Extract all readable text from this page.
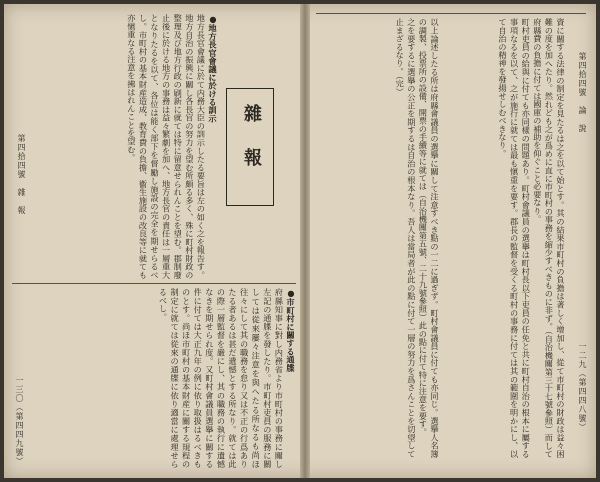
第四拾四號　論　說
一二九（第四四八號）

資に關する法律の制定を見たるは之を以て始とす。其の結果市町村の負擔は著しく增加し、從て市町村の財政は益々困難の度を加へたり。然れども之が爲めに直に市町村の事務を縮少すべきものに非ず。（自治機關第三十七號參照）而して府縣費の負擔に付ては國庫の補助を仰ぐこと必要なり。

町村吏員の給與に付ても亦同樣の問題あり。町村會議員の選擧は町村長以下吏員の任免と共に町村自治の根本に屬する事項なるを以て、之が施行に就ては最も愼重を要す。郡長の監督を受くる町村の事務に付ては其の範圍を明かにし、以て自治の精神を發揚せしむべきなり。

以上論述したる所は府縣會議員の選擧に關して注意すべき點の一二に過ぎず。町村會議員に付ても亦同じ。選擧人名簿の調製、投票所の設備、開票の手續等に就ては（自治機關第五號、二十九號參照）此の點に付て特に注意を要す。

之を要するに選擧の公正を期するは自治の根本なり。吾人は當局者が此の點に付て一層の努力を爲さんことを切望して止まざるなり。（完）

第四拾四號　雜　報
一三〇（第四四九號）
雜　報

●地方長官會議に於ける訓示

地方長官會議に於て内務大臣の訓示したる要旨は左の如く之を報告す。地方自治の振興に關し各長官の努力を望む所頗る多く、殊に町村財政の整理及び地方行政の刷新に就ては特に留意せられんことを望む。郡制廢止後に於ける地方の事務は益々繁劇を加へ、地方長官の責任は一層重大となりたるを以て、各位は能く部下を督勵し施設の完全を期せらるべし。市町村の基本財産造成、教育費の負擔、衞生施設の改良等に就ても亦愼重なる注意を拂はれんことを望む。

●市町村に關する通牒

府縣知事に對し内務省より市町村の事務に關し左記の通牒を發したり。市町村吏員の服務に關しては從來屢々注意を與へたる所なるも尚ほ往々にして其の職務を怠り又は不正の行爲ありたる者あるは甚だ遺憾とする所なり。就ては此の際一層監督を嚴にし、其の職務の執行に遺憾なきを期せられ度。又町村會議員選擧に關する件に付ては大正九年の例に依り取扱はるべきものとす。尚ほ市町村の基本財産に關する規程の制定に就ては從來の通牒に依り適當に處理せらるべし。
